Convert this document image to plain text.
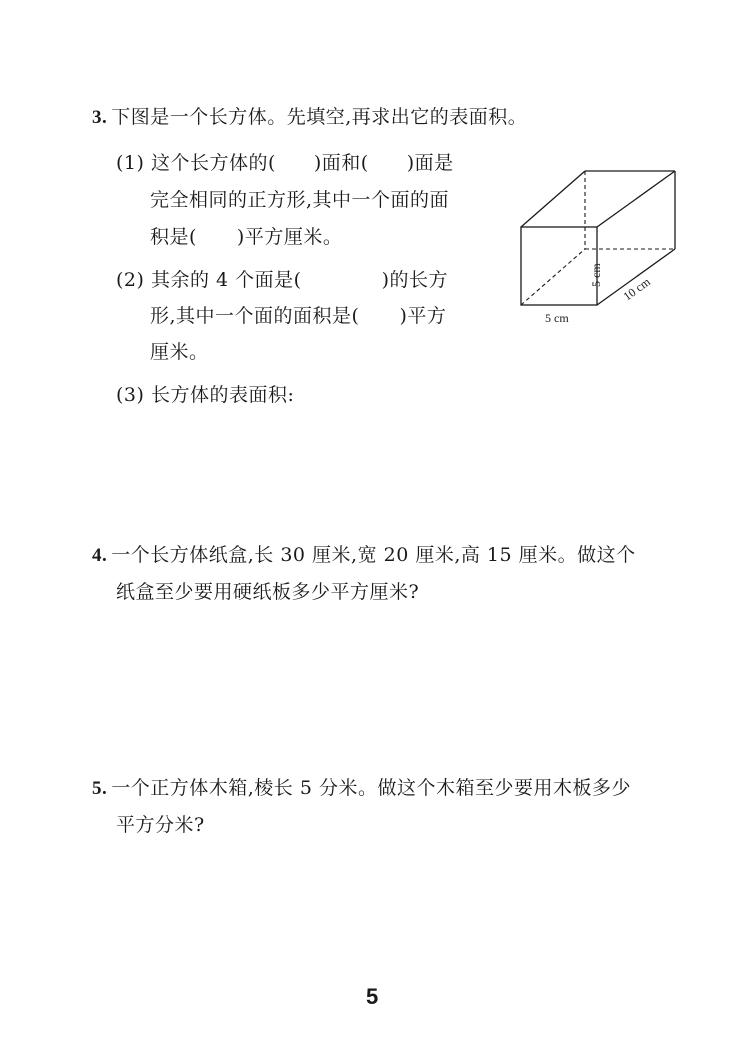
3. 下图是一个长方体。先填空,再求出它的表面积。
(1) 这个长方体的( )面和( )面是
完全相同的正方形,其中一个面的面
积是( )平方厘米。
(2) 其余的 4 个面是(	)的长方
形,其中一个面的面积是( )平方
厘米。
(3) 长方体的表面积:
5 cm
5 cm 10 cm
4. 一个长方体纸盒,长 30 厘米,宽 20 厘米,高 15 厘米。做这个
纸盒至少要用硬纸板多少平方厘米?
5. 一个正方体木箱,棱长 5 分米。做这个木箱至少要用木板多少
平方分米?
5
